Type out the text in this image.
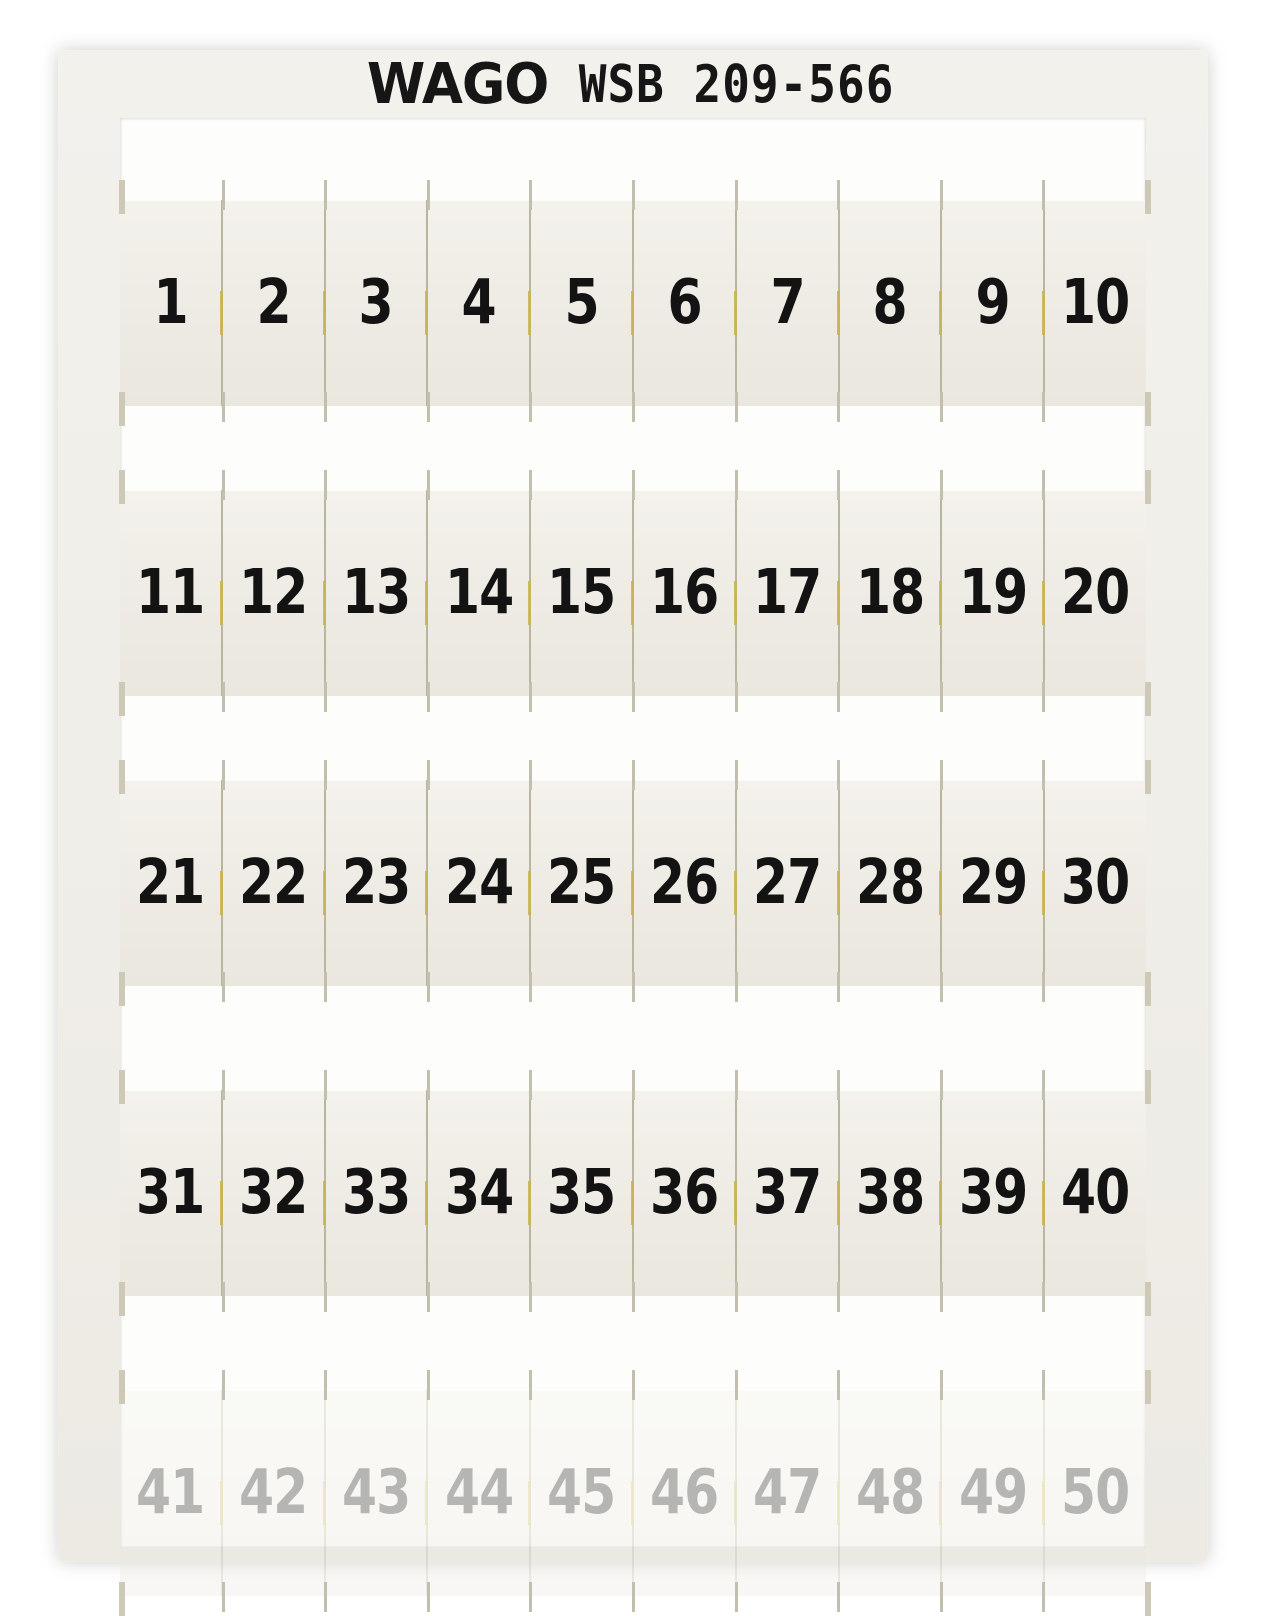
WAGO WSB 209-566
1 2 3 4 5 6 7 8 9 10
11 12 13 14 15 16 17 18 19 20
21 22 23 24 25 26 27 28 29 30
31 32 33 34 35 36 37 38 39 40
41 42 43 44 45 46 47 48 49 50
